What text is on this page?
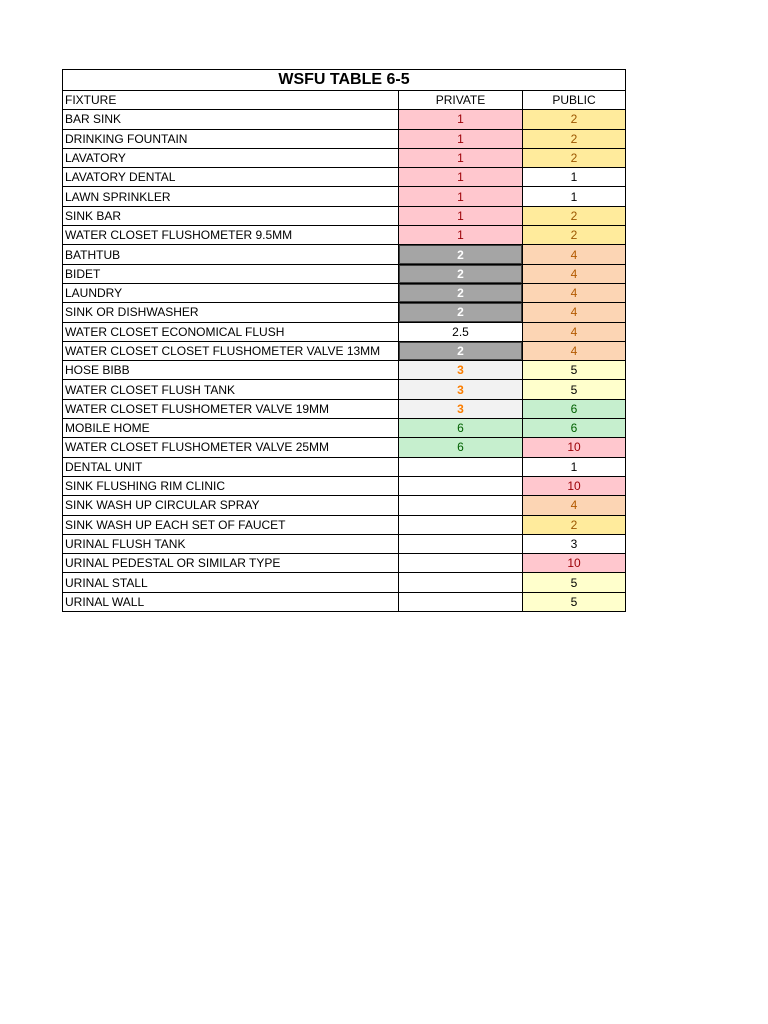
WSFU TABLE 6-5		
FIXTURE	PRIVATE	PUBLIC
BAR SINK	1	2
DRINKING FOUNTAIN	1	2
LAVATORY	1	2
LAVATORY DENTAL	1	1
LAWN SPRINKLER	1	1
SINK BAR	1	2
WATER CLOSET FLUSHOMETER 9.5MM	1	2
BATHTUB	2	4
BIDET	2	4
LAUNDRY	2	4
SINK OR DISHWASHER	2	4
WATER CLOSET ECONOMICAL FLUSH	2.5	4
WATER CLOSET CLOSET FLUSHOMETER VALVE 13MM	2	4
HOSE BIBB	3	5
WATER CLOSET FLUSH TANK	3	5
WATER CLOSET FLUSHOMETER VALVE 19MM	3	6
MOBILE HOME	6	6
WATER CLOSET FLUSHOMETER VALVE 25MM	6	10
DENTAL UNIT		1
SINK FLUSHING RIM CLINIC		10
SINK WASH UP CIRCULAR SPRAY		4
SINK WASH UP EACH SET OF FAUCET		2
URINAL FLUSH TANK		3
URINAL PEDESTAL OR SIMILAR TYPE		10
URINAL STALL		5
URINAL WALL		5
